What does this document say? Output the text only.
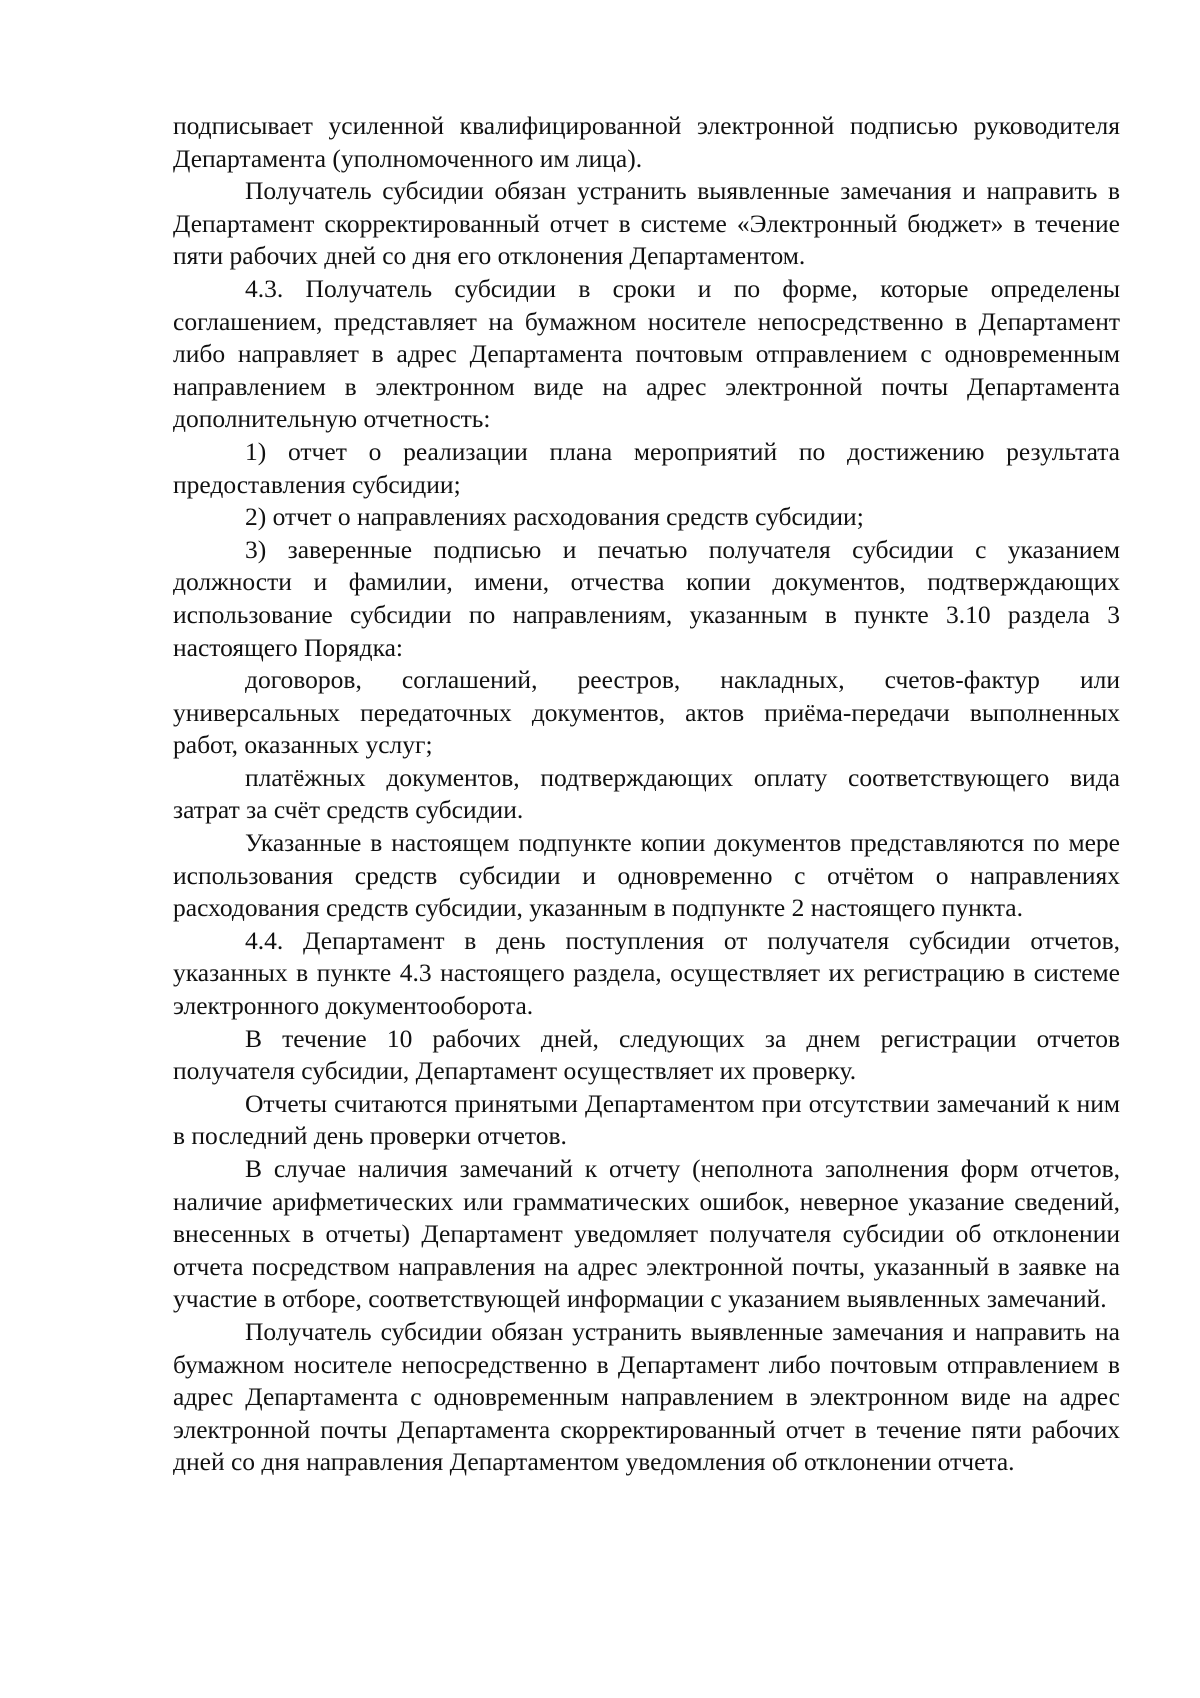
подписывает усиленной квалифицированной электронной подписью руководителя Департамента (уполномоченного им лица).

Получатель субсидии обязан устранить выявленные замечания и направить в Департамент скорректированный отчет в системе «Электронный бюджет» в течение пяти рабочих дней со дня его отклонения Департаментом.

4.3. Получатель субсидии в сроки и по форме, которые определены соглашением, представляет на бумажном носителе непосредственно в Департамент либо направляет в адрес Департамента почтовым отправлением с одновременным направлением в электронном виде на адрес электронной почты Департамента дополнительную отчетность:

1) отчет о реализации плана мероприятий по достижению результата предоставления субсидии;

2) отчет о направлениях расходования средств субсидии;

3) заверенные подписью и печатью получателя субсидии с указанием должности и фамилии, имени, отчества копии документов, подтверждающих использование субсидии по направлениям, указанным в пункте 3.10 раздела 3 настоящего Порядка:

договоров, соглашений, реестров, накладных, счетов-фактур или универсальных передаточных документов, актов приёма-передачи выполненных работ, оказанных услуг;

платёжных документов, подтверждающих оплату соответствующего вида затрат за счёт средств субсидии.

Указанные в настоящем подпункте копии документов представляются по мере использования средств субсидии и одновременно с отчётом о направлениях расходования средств субсидии, указанным в подпункте 2 настоящего пункта.

4.4. Департамент в день поступления от получателя субсидии отчетов, указанных в пункте 4.3 настоящего раздела, осуществляет их регистрацию в системе электронного документооборота.

В течение 10 рабочих дней, следующих за днем регистрации отчетов получателя субсидии, Департамент осуществляет их проверку.

Отчеты считаются принятыми Департаментом при отсутствии замечаний к ним в последний день проверки отчетов.

В случае наличия замечаний к отчету (неполнота заполнения форм отчетов, наличие арифметических или грамматических ошибок, неверное указание сведений, внесенных в отчеты) Департамент уведомляет получателя субсидии об отклонении отчета посредством направления на адрес электронной почты, указанный в заявке на участие в отборе, соответствующей информации с указанием выявленных замечаний.

Получатель субсидии обязан устранить выявленные замечания и направить на бумажном носителе непосредственно в Департамент либо почтовым отправлением в адрес Департамента с одновременным направлением в электронном виде на адрес электронной почты Департамента скорректированный отчет в течение пяти рабочих дней со дня направления Департаментом уведомления об отклонении отчета.
